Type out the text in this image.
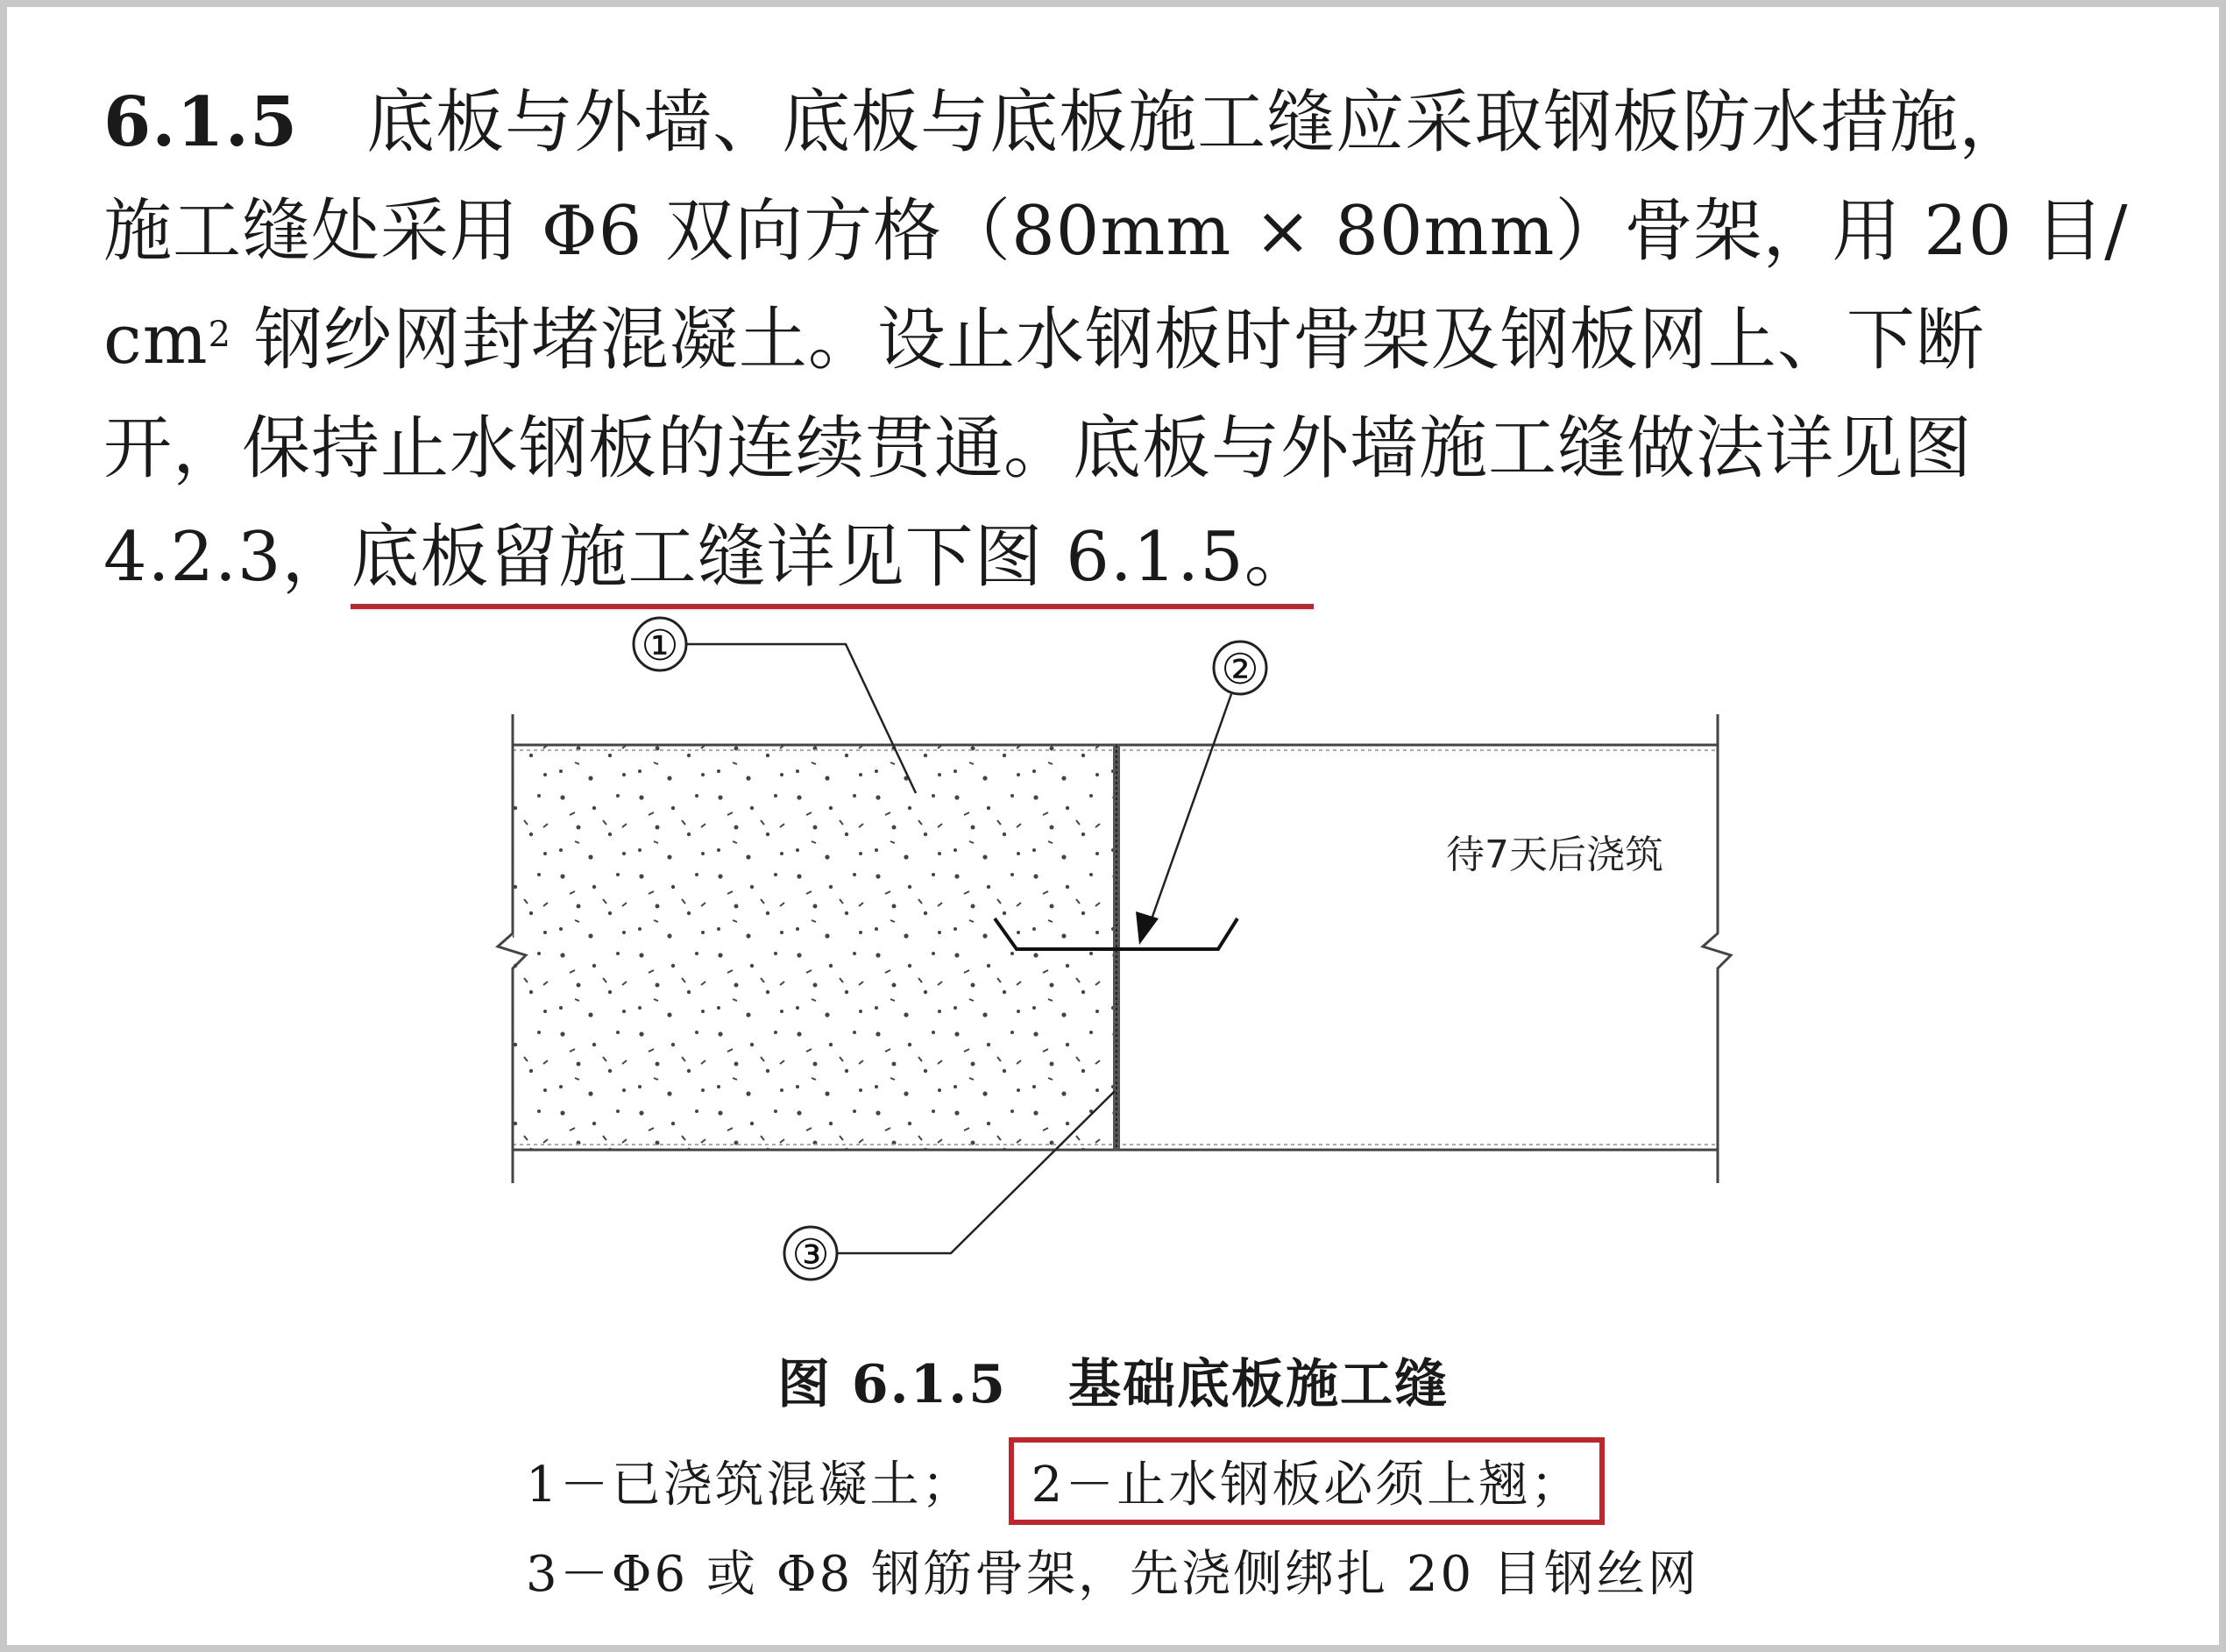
6.1.5 底板与外墙、底板与底板施工缝应采取钢板防水措施，
施工缝处采用 Φ6 双向方格（80mm × 80mm）骨架，用 20 目/
$cm^2$ 钢纱网封堵混凝土。设止水钢板时骨架及钢板网上、下断
开，保持止水钢板的连续贯通。底板与外墙施工缝做法详见图
4.2.3，底板留施工缝详见下图 6.1.5。
①	②
③
待7天后浇筑
图 6.1.5 基础底板施工缝
1－已浇筑混凝土； 2－止水钢板必须上翘；
3－Φ6 或 Φ8 钢筋骨架，先浇侧绑扎 20 目钢丝网
